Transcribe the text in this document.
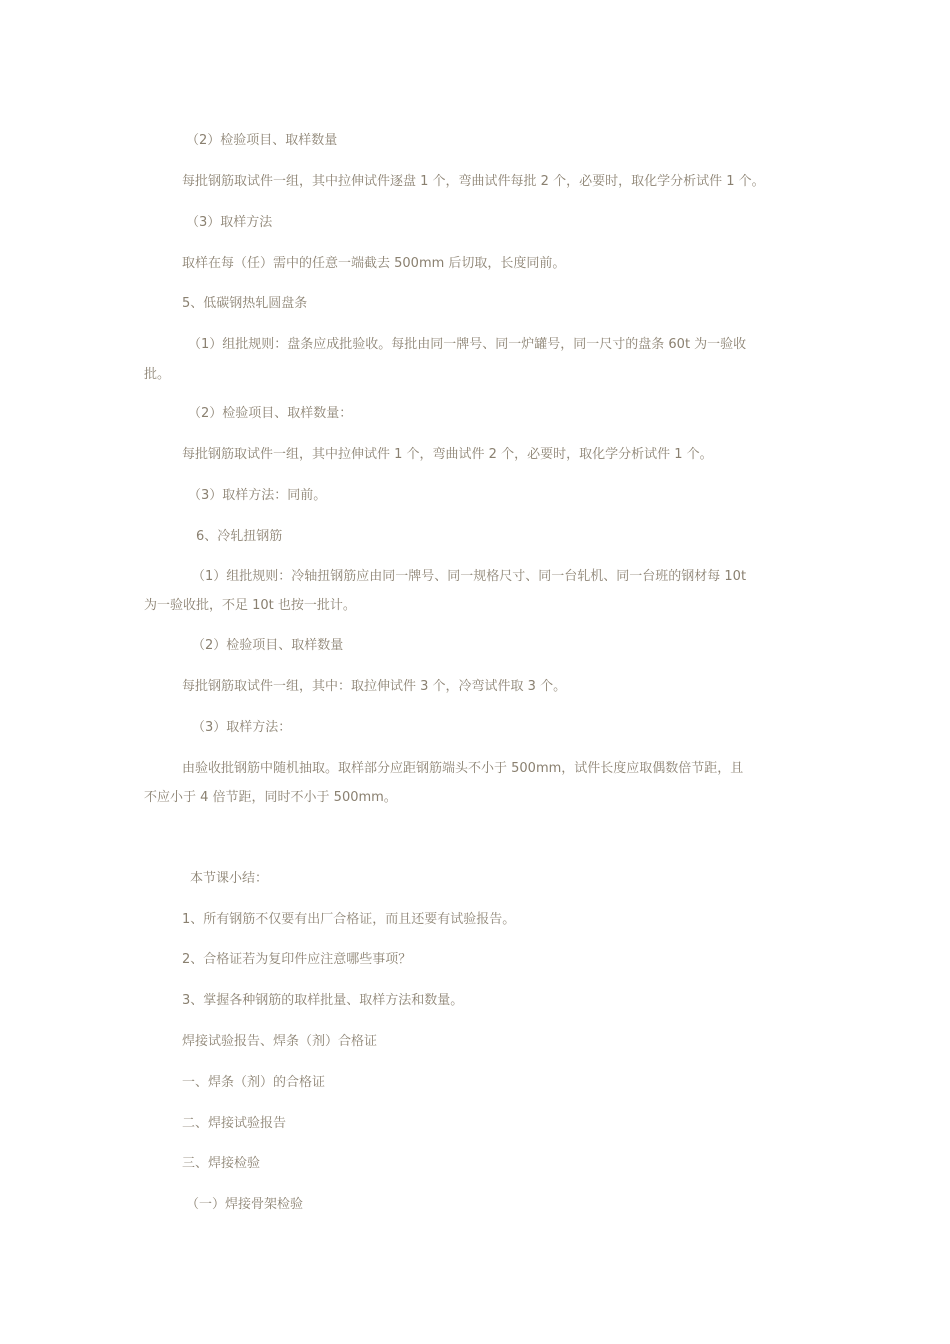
（2）检验项目、取样数量
每批钢筋取试件一组，其中拉伸试件逐盘 1 个，弯曲试件每批 2 个，必要时，取化学分析试件 1 个。
（3）取样方法
取样在每（任）需中的任意一端截去 500mm 后切取，长度同前。
5、低碳钢热轧圆盘条
（1）组批规则：盘条应成批验收。每批由同一牌号、同一炉罐号，同一尺寸的盘条 60t 为一验收
批。
（2）检验项目、取样数量：
每批钢筋取试件一组，其中拉伸试件 1 个，弯曲试件 2 个，必要时，取化学分析试件 1 个。
（3）取样方法：同前。
6、冷轧扭钢筋
（1）组批规则：冷轴扭钢筋应由同一牌号、同一规格尺寸、同一台轧机、同一台班的钢材每 10t
为一验收批，不足 10t 也按一批计。
（2）检验项目、取样数量
每批钢筋取试件一组，其中：取拉伸试件 3 个，冷弯试件取 3 个。
（3）取样方法：
由验收批钢筋中随机抽取。取样部分应距钢筋端头不小于 500mm，试件长度应取偶数倍节距，且
不应小于 4 倍节距，同时不小于 500mm。
本节课小结：
1、所有钢筋不仅要有出厂合格证，而且还要有试验报告。
2、合格证若为复印件应注意哪些事项？
3、掌握各种钢筋的取样批量、取样方法和数量。
焊接试验报告、焊条（剂）合格证
一、焊条（剂）的合格证
二、焊接试验报告
三、焊接检验
（一）焊接骨架检验
